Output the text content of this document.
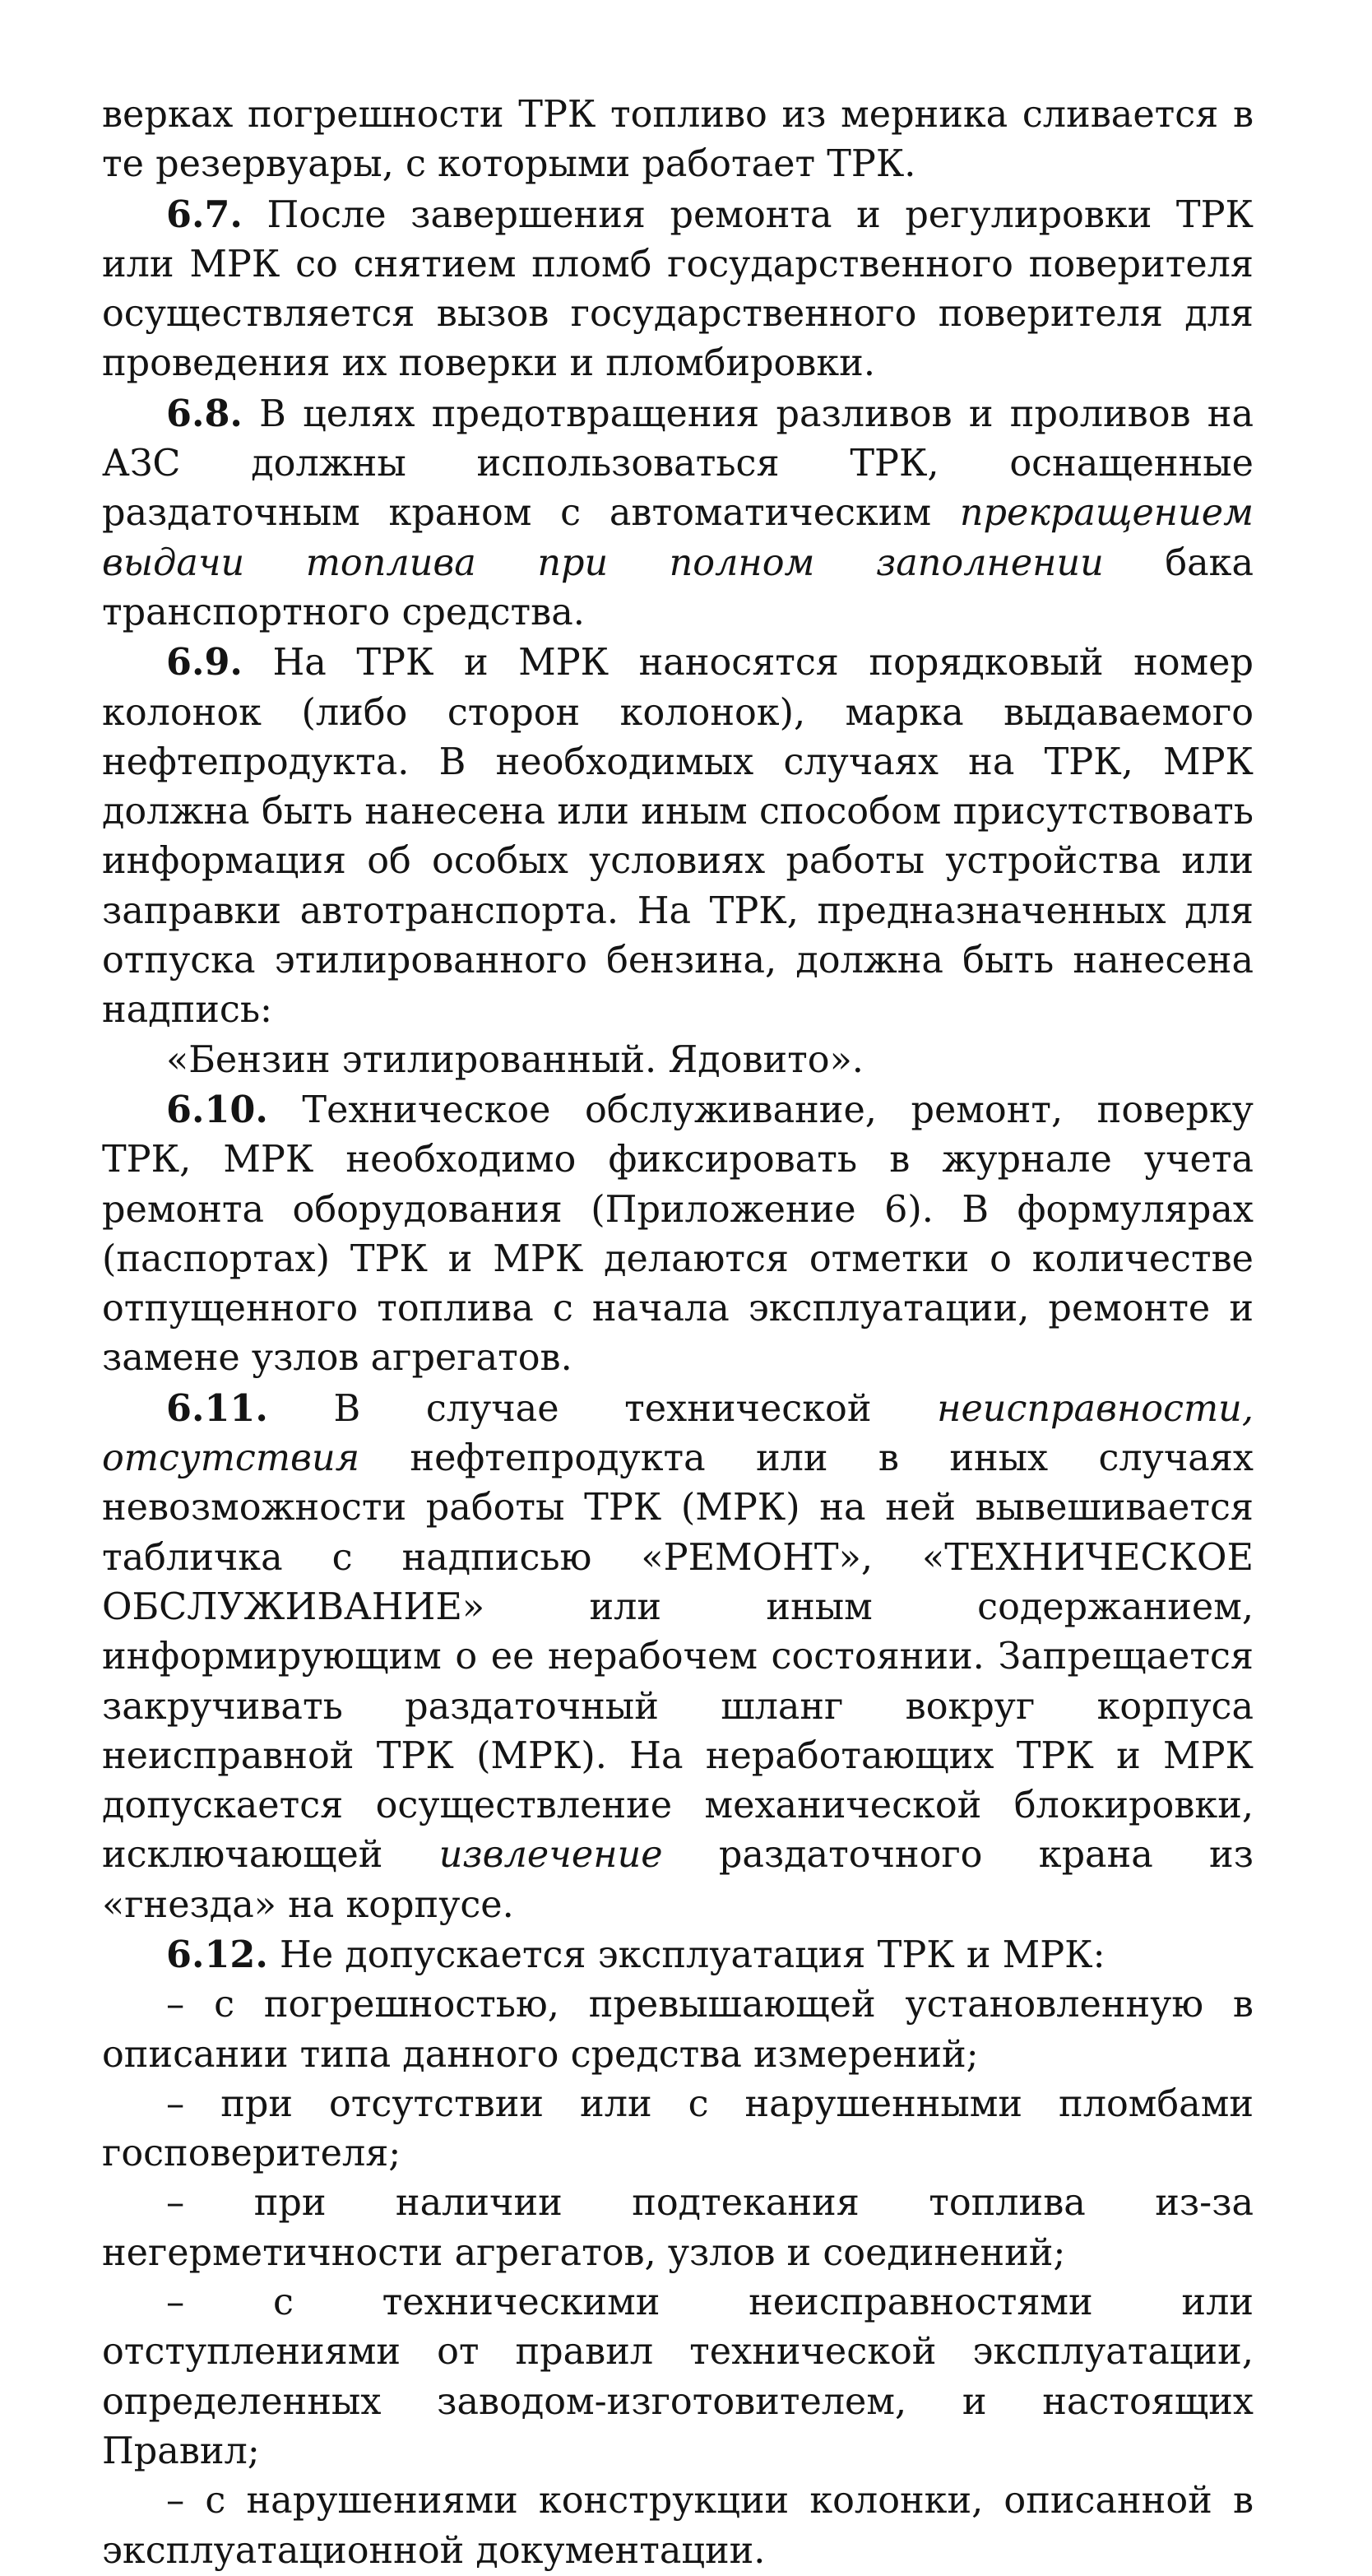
верках погрешности ТРК топливо из мерника сливается в те резервуары, с которыми работает ТРК.

6.7. После завершения ремонта и регулировки ТРК или МРК со снятием пломб государственного поверителя осуществляется вызов государственного поверителя для проведения их поверки и пломбировки.

6.8. В целях предотвращения разливов и проливов на АЗС должны использоваться ТРК, оснащенные раздаточным краном с автоматическим прекращением выдачи топлива при полном заполнении бака транспортного средства.

6.9. На ТРК и МРК наносятся порядковый номер колонок (либо сторон колонок), марка выдаваемого нефтепродукта. В необходимых случаях на ТРК, МРК должна быть нанесена или иным способом присутствовать информация об особых условиях работы устройства или заправки автотранспорта. На ТРК, предназначенных для отпуска этилированного бензина, должна быть нанесена надпись:

«Бензин этилированный. Ядовито».

6.10. Техническое обслуживание, ремонт, поверку ТРК, МРК необходимо фиксировать в журнале учета ремонта оборудования (Приложение 6). В формулярах (паспортах) ТРК и МРК делаются отметки о количестве отпущенного топлива с начала эксплуатации, ремонте и замене узлов агрегатов.

6.11. В случае технической неисправности, отсутствия нефтепродукта или в иных случаях невозможности работы ТРК (МРК) на ней вывешивается табличка с надписью «РЕМОНТ», «ТЕХНИЧЕСКОЕ ОБСЛУЖИВАНИЕ» или иным содержанием, информирующим о ее нерабочем состоянии. Запрещается закручивать раздаточный шланг вокруг корпуса неисправной ТРК (МРК). На неработающих ТРК и МРК допускается осуществление механической блокировки, исключающей извлечение раздаточного крана из «гнезда» на корпусе.

6.12. Не допускается эксплуатация ТРК и МРК:

– с погрешностью, превышающей установленную в описании типа данного средства измерений;

– при отсутствии или с нарушенными пломбами госповерителя;

– при наличии подтекания топлива из-за негерметичности агрегатов, узлов и соединений;

– с техническими неисправностями или отступлениями от правил технической эксплуатации, определенных заводом-изготовителем, и настоящих Правил;

– с нарушениями конструкции колонки, описанной в эксплуатационной документации.
